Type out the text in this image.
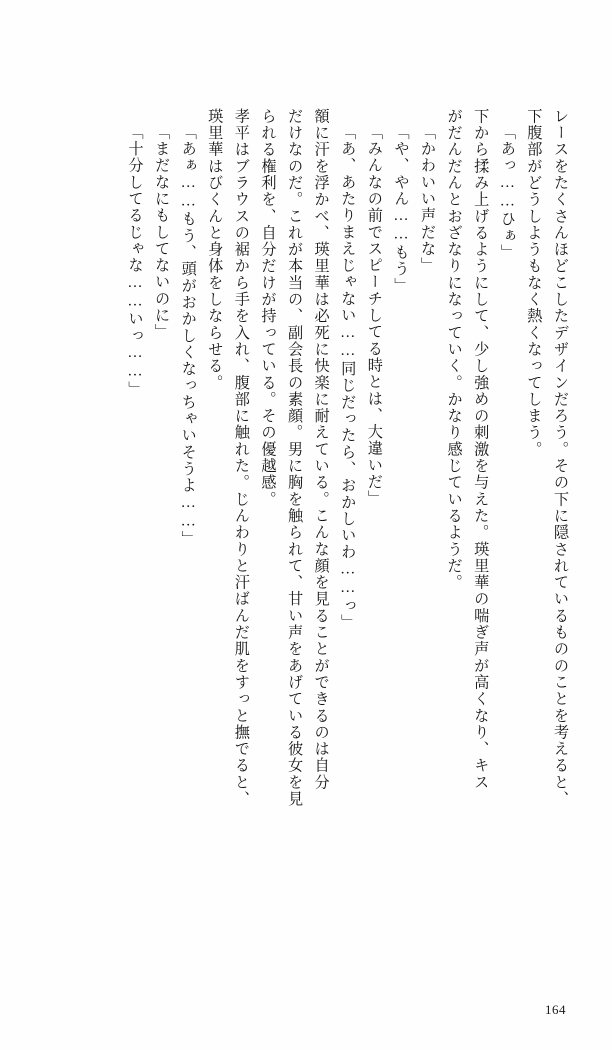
レースをたくさんほどこしたデザインだろう。その下に隠されているもののことを考えると、
下腹部がどうしようもなく熱くなってしまう。
「あっ……ひぁ」
下から揉み上げるようにして、少し強めの刺激を与えた。瑛里華の喘ぎ声が高くなり、キス
がだんだんとおざなりになっていく。かなり感じているようだ。
「かわいい声だな」
「や、やん……もう」
「みんなの前でスピーチしてる時とは、大違いだ」
「あ、あたりまえじゃない……同じだったら、おかしいわ……っ」
額に汗を浮かべ、瑛里華は必死に快楽に耐えている。こんな顔を見ることができるのは自分
だけなのだ。これが本当の、副会長の素顔。男に胸を触られて、甘い声をあげている彼女を見
られる権利を、自分だけが持っている。その優越感。
孝平はブラウスの裾から手を入れ、腹部に触れた。じんわりと汗ばんだ肌をすっと撫でると、
瑛里華はびくんと身体をしならせる。
「あぁ……もう、頭がおかしくなっちゃいそうよ……」
「まだなにもしてないのに」
「十分してるじゃな……いっ……」
164
